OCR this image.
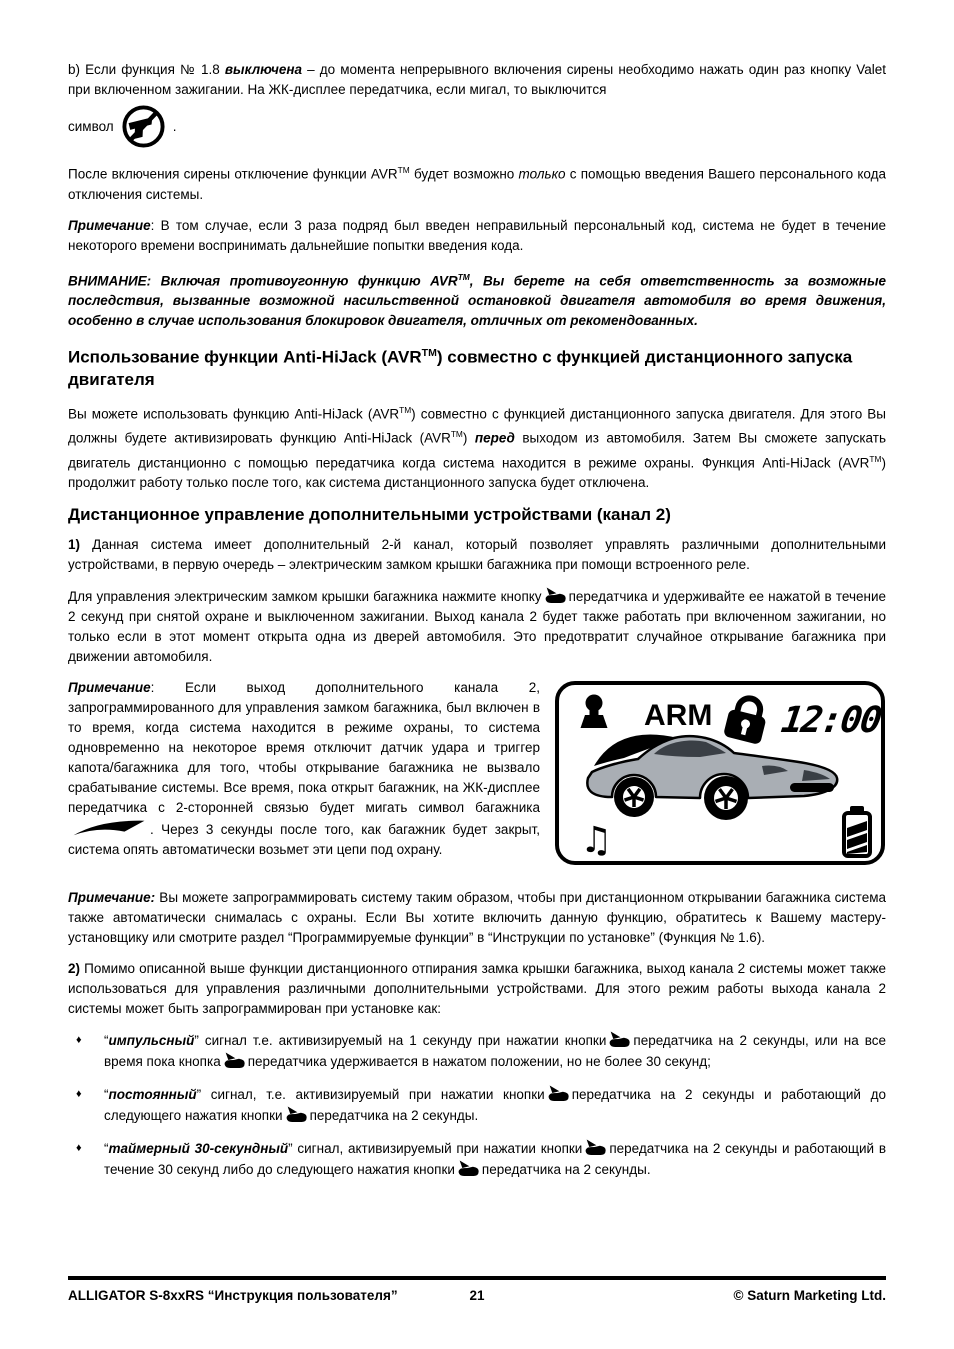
b) Если функция № 1.8 выключена – до момента непрерывного включения сирены необходимо нажать один раз кнопку Valet при включенном зажигании. На ЖК-дисплее передатчика, если мигал, то выключится

символ	.

После включения сирены отключение функции AVR™ будет возможно только с помощью введения Вашего персонального кода отключения системы.

Примечание: В том случае, если 3 раза подряд был введен неправильный персональный код, система не будет в течение некоторого времени воспринимать дальнейшие попытки введения кода.

ВНИМАНИЕ: Включая противоугонную функцию AVR™, Вы берете на себя ответственность за возможные последствия, вызванные возможной насильственной остановкой двигателя автомобиля во время движения, особенно в случае использования блокировок двигателя, отличных от рекомендованных.

Использование функции Anti-HiJack (AVR™) совместно с функцией дистанционного запуска двигателя

Вы можете использовать функцию Anti-HiJack (AVR™) совместно с функцией дистанционного запуска двигателя. Для этого Вы должны будете активизировать функцию Anti-HiJack (AVR™) перед выходом из автомобиля. Затем Вы сможете запускать двигатель дистанционно с помощью передатчика когда система находится в режиме охраны. Функция Anti-HiJack (AVR™) продолжит работу только после того, как система дистанционного запуска будет отключена.

Дистанционное управление дополнительными устройствами (канал 2)

1) Данная система имеет дополнительный 2-й канал, который позволяет управлять различными дополнительными устройствами, в первую очередь – электрическим замком крышки багажника при помощи встроенного реле.

Для управления электрическим замком крышки багажника нажмите кнопку передатчика и удерживайте ее нажатой в течение 2 секунд при снятой охране и выключенном зажигании. Выход канала 2 будет также работать при включенном зажигании, но только если в этот момент открыта одна из дверей автомобиля. Это предотвратит случайное открывание багажника при движении автомобиля.

ARM 12:00
♫

Примечание: Если выход дополнительного канала 2, запрограммированного для управления замком багажника, был включен в то время, когда система находится в режиме охраны, то система одновременно на некоторое время отключит датчик удара и триггер капота/багажника для того, чтобы открывание багажника не вызвало срабатывание системы. Все время, пока открыт багажник, на ЖК-дисплее передатчика с 2-сторонней связью будет мигать символ багажника. Через 3 секунды после того, как багажник будет закрыт, система опять автоматически возьмет эти цепи под охрану.

Примечание: Вы можете запрограммировать систему таким образом, чтобы при дистанционном открывании багажника система также автоматически снималась с охраны. Если Вы хотите включить данную функцию, обратитесь к Вашему мастеру-установщику или смотрите раздел “Программируемые функции” в “Инструкции по установке” (Функция № 1.6).

2) Помимо описанной выше функции дистанционного отпирания замка крышки багажника, выход канала 2 системы может также использоваться для управления различными дополнительными устройствами. Для этого режим работы выхода канала 2 системы может быть запрограммирован при установке как:

♦	“импульсный” сигнал т.е. активизируемый на 1 секунду при нажатии кнопки передатчика на 2 секунды, или на все время пока кнопка передатчика удерживается в нажатом положении, но не более 30 секунд;

♦	“постоянный” сигнал, т.е. активизируемый при нажатии кнопки передатчика на 2 секунды и работающий до следующего нажатия кнопки передатчика на 2 секунды.

♦	“таймерный 30-секундный” сигнал, активизируемый при нажатии кнопки передатчика на 2 секунды и работающий в течение 30 секунд либо до следующего нажатия кнопки передатчика на 2 секунды.

ALLIGATOR S-8xxRS “Инструкция пользователя”	21	© Saturn Marketing Ltd.
